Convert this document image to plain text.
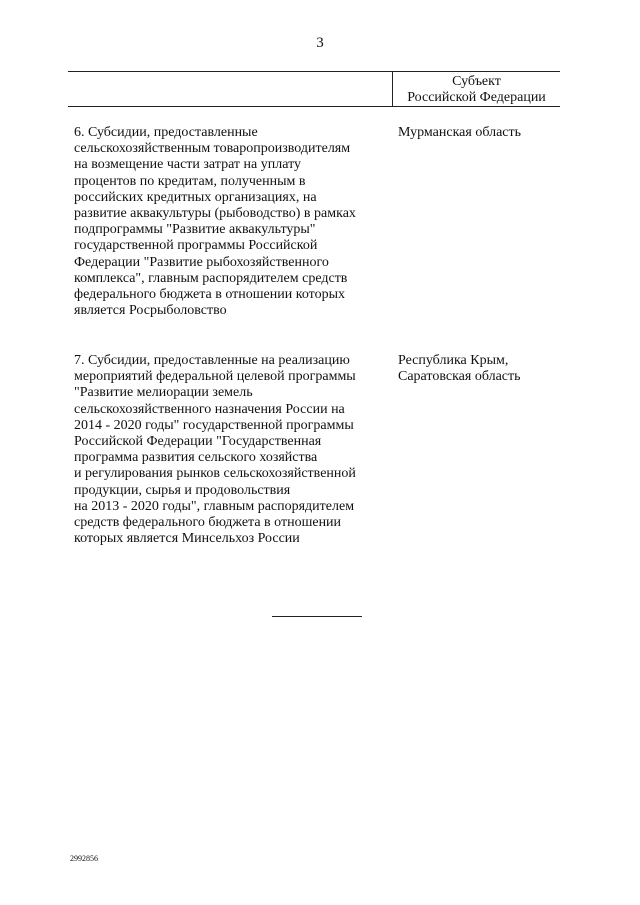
3
Субъект
Российской Федерации
6. Субсидии, предоставленные
сельскохозяйственным товаропроизводителям
на возмещение части затрат на уплату
процентов по кредитам, полученным в
российских кредитных организациях, на
развитие аквакультуры (рыбоводство) в рамках
подпрограммы "Развитие аквакультуры"
государственной программы Российской
Федерации "Развитие рыбохозяйственного
комплекса", главным распорядителем средств
федерального бюджета в отношении которых
является Росрыболовство
Мурманская область
7. Субсидии, предоставленные на реализацию
мероприятий федеральной целевой программы
"Развитие мелиорации земель
сельскохозяйственного назначения России на
2014 - 2020 годы" государственной программы
Российской Федерации "Государственная
программа развития сельского хозяйства
и регулирования рынков сельскохозяйственной
продукции, сырья и продовольствия
на 2013 - 2020 годы", главным распорядителем
средств федерального бюджета в отношении
которых является Минсельхоз России
Республика Крым,
Саратовская область
2992856
